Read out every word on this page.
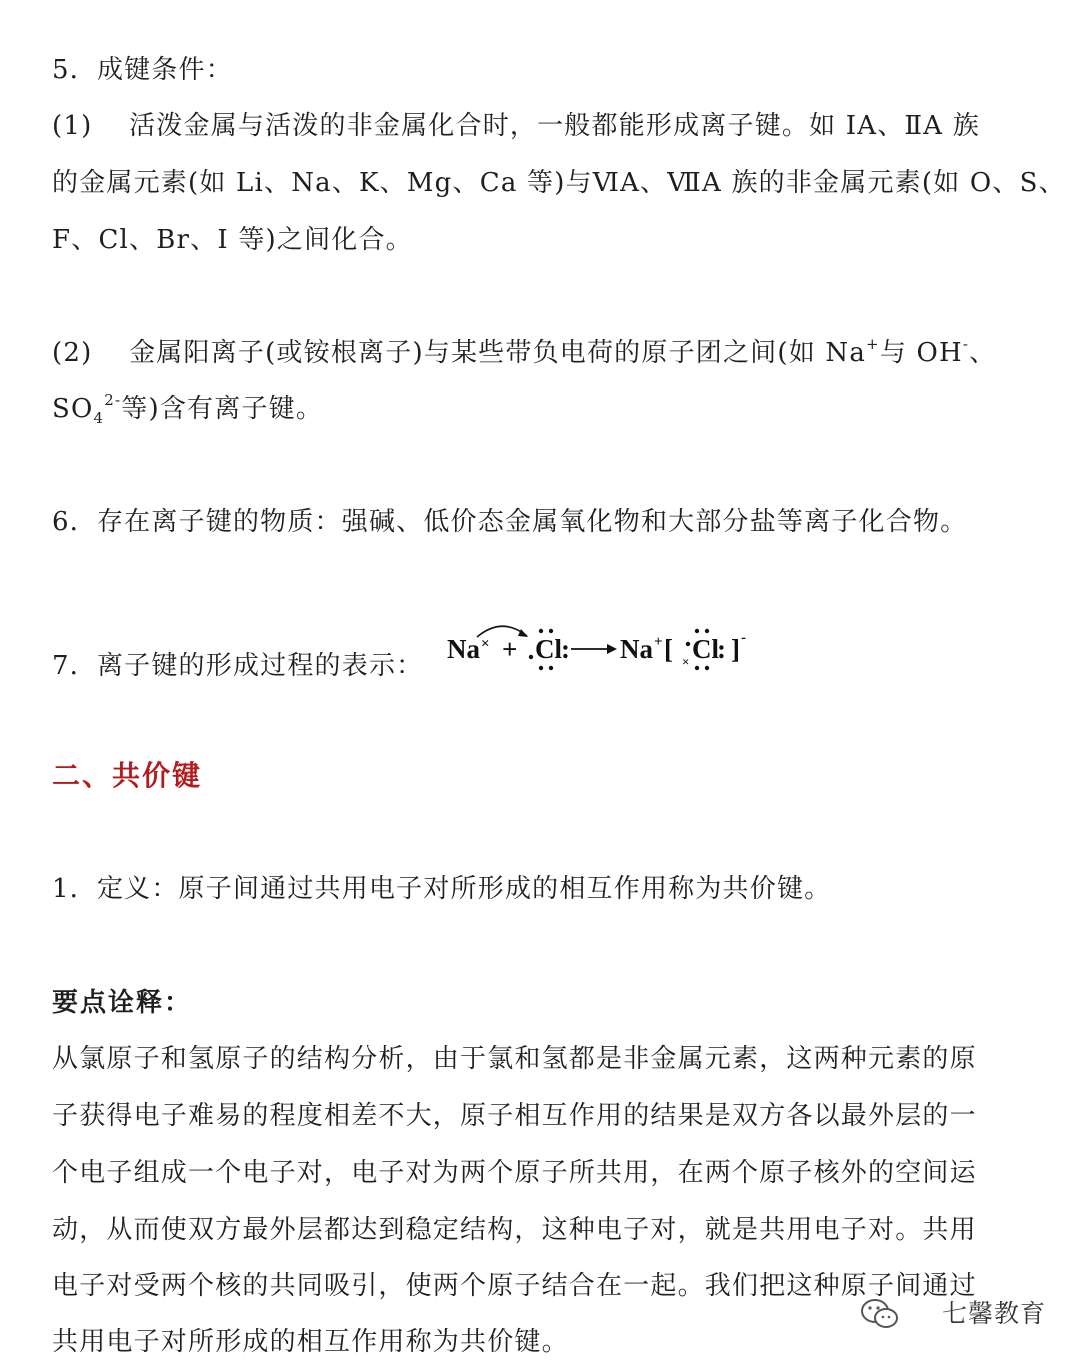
5．成键条件：
(1)　 活泼金属与活泼的非金属化合时，一般都能形成离子键。如 IA、ⅡA 族
的金属元素(如 Li、Na、K、Mg、Ca 等)与ⅥA、ⅦA 族的非金属元素(如 O、S、
F、Cl、Br、I 等)之间化合。
(2)　 金属阳离子(或铵根离子)与某些带负电荷的原子团之间(如 Na+与 OH-、
$SO_4^{2-}$等)含有离子键。
6．存在离子键的物质：强碱、低价态金属氧化物和大部分盐等离子化合物。
7．离子键的形成过程的表示：
Na × + Cl : Na + [ Cl
: ] -
×
二、共价键
1．定义：原子间通过共用电子对所形成的相互作用称为共价键。
要点诠释：
从氯原子和氢原子的结构分析，由于氯和氢都是非金属元素，这两种元素的原
子获得电子难易的程度相差不大，原子相互作用的结果是双方各以最外层的一
个电子组成一个电子对，电子对为两个原子所共用，在两个原子核外的空间运
动，从而使双方最外层都达到稳定结构，这种电子对，就是共用电子对。共用
电子对受两个核的共同吸引，使两个原子结合在一起。我们把这种原子间通过
共用电子对所形成的相互作用称为共价键。
七馨教育
